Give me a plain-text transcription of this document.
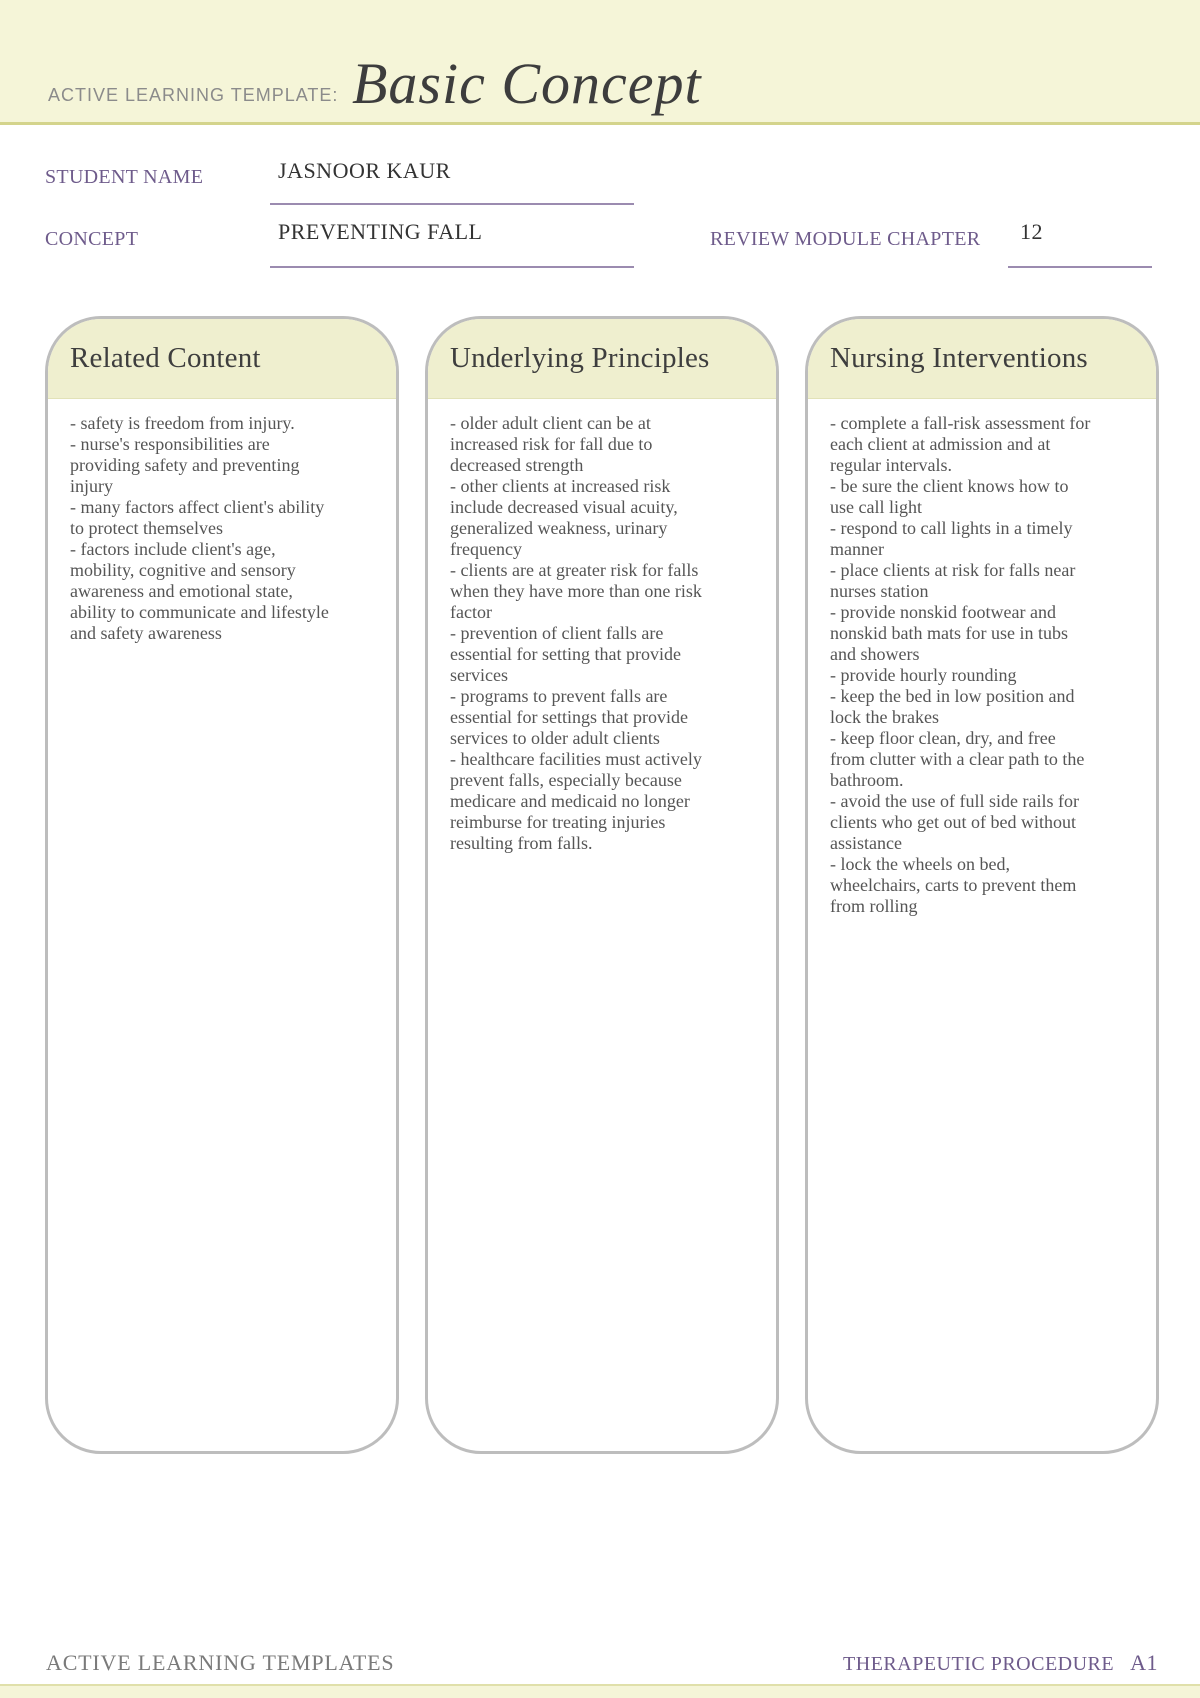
ACTIVE LEARNING TEMPLATE: Basic Concept
STUDENT NAME	JASNOOR KAUR
CONCEPT	PREVENTING FALL	REVIEW MODULE CHAPTER 12
Related Content

- safety is freedom from injury.

- nurse's responsibilities are

providing safety and preventing

injury

- many factors affect client's ability

to protect themselves

- factors include client's age,

mobility, cognitive and sensory

awareness and emotional state,

ability to communicate and lifestyle

and safety awareness

Underlying Principles

- older adult client can be at

increased risk for fall due to

decreased strength

- other clients at increased risk

include decreased visual acuity,

generalized weakness, urinary

frequency

- clients are at greater risk for falls

when they have more than one risk

factor

- prevention of client falls are

essential for setting that provide

services

- programs to prevent falls are

essential for settings that provide

services to older adult clients

- healthcare facilities must actively

prevent falls, especially because

medicare and medicaid no longer

reimburse for treating injuries

resulting from falls.

Nursing Interventions

- complete a fall-risk assessment for

each client at admission and at

regular intervals.

- be sure the client knows how to

use call light

- respond to call lights in a timely

manner

- place clients at risk for falls near

nurses station

- provide nonskid footwear and

nonskid bath mats for use in tubs

and showers

- provide hourly rounding

- keep the bed in low position and

lock the brakes

- keep floor clean, dry, and free

from clutter with a clear path to the

bathroom.

- avoid the use of full side rails for

clients who get out of bed without

assistance

- lock the wheels on bed,

wheelchairs, carts to prevent them

from rolling

ACTIVE LEARNING TEMPLATES	THERAPEUTIC PROCEDURE A1
